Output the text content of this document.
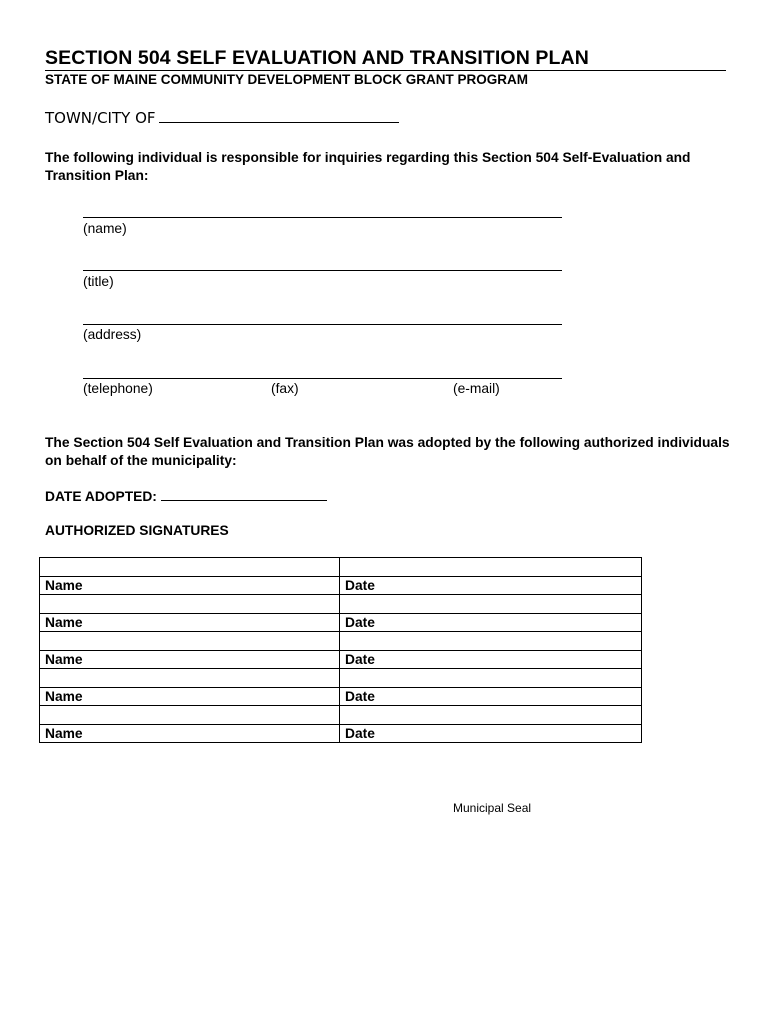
SECTION 504 SELF EVALUATION AND TRANSITION PLAN
STATE OF MAINE COMMUNITY DEVELOPMENT BLOCK GRANT PROGRAM
TOWN/CITY OF
The following individual is responsible for inquiries regarding this Section 504 Self-Evaluation and Transition Plan:
(name)
(title)
(address)
(telephone)	(fax)	(e-mail)
The Section 504 Self Evaluation and Transition Plan was adopted by the following authorized individuals on behalf of the municipality:
DATE ADOPTED:
AUTHORIZED SIGNATURES

Name	Date

Name	Date

Name	Date

Name	Date

Name	Date
Municipal Seal
